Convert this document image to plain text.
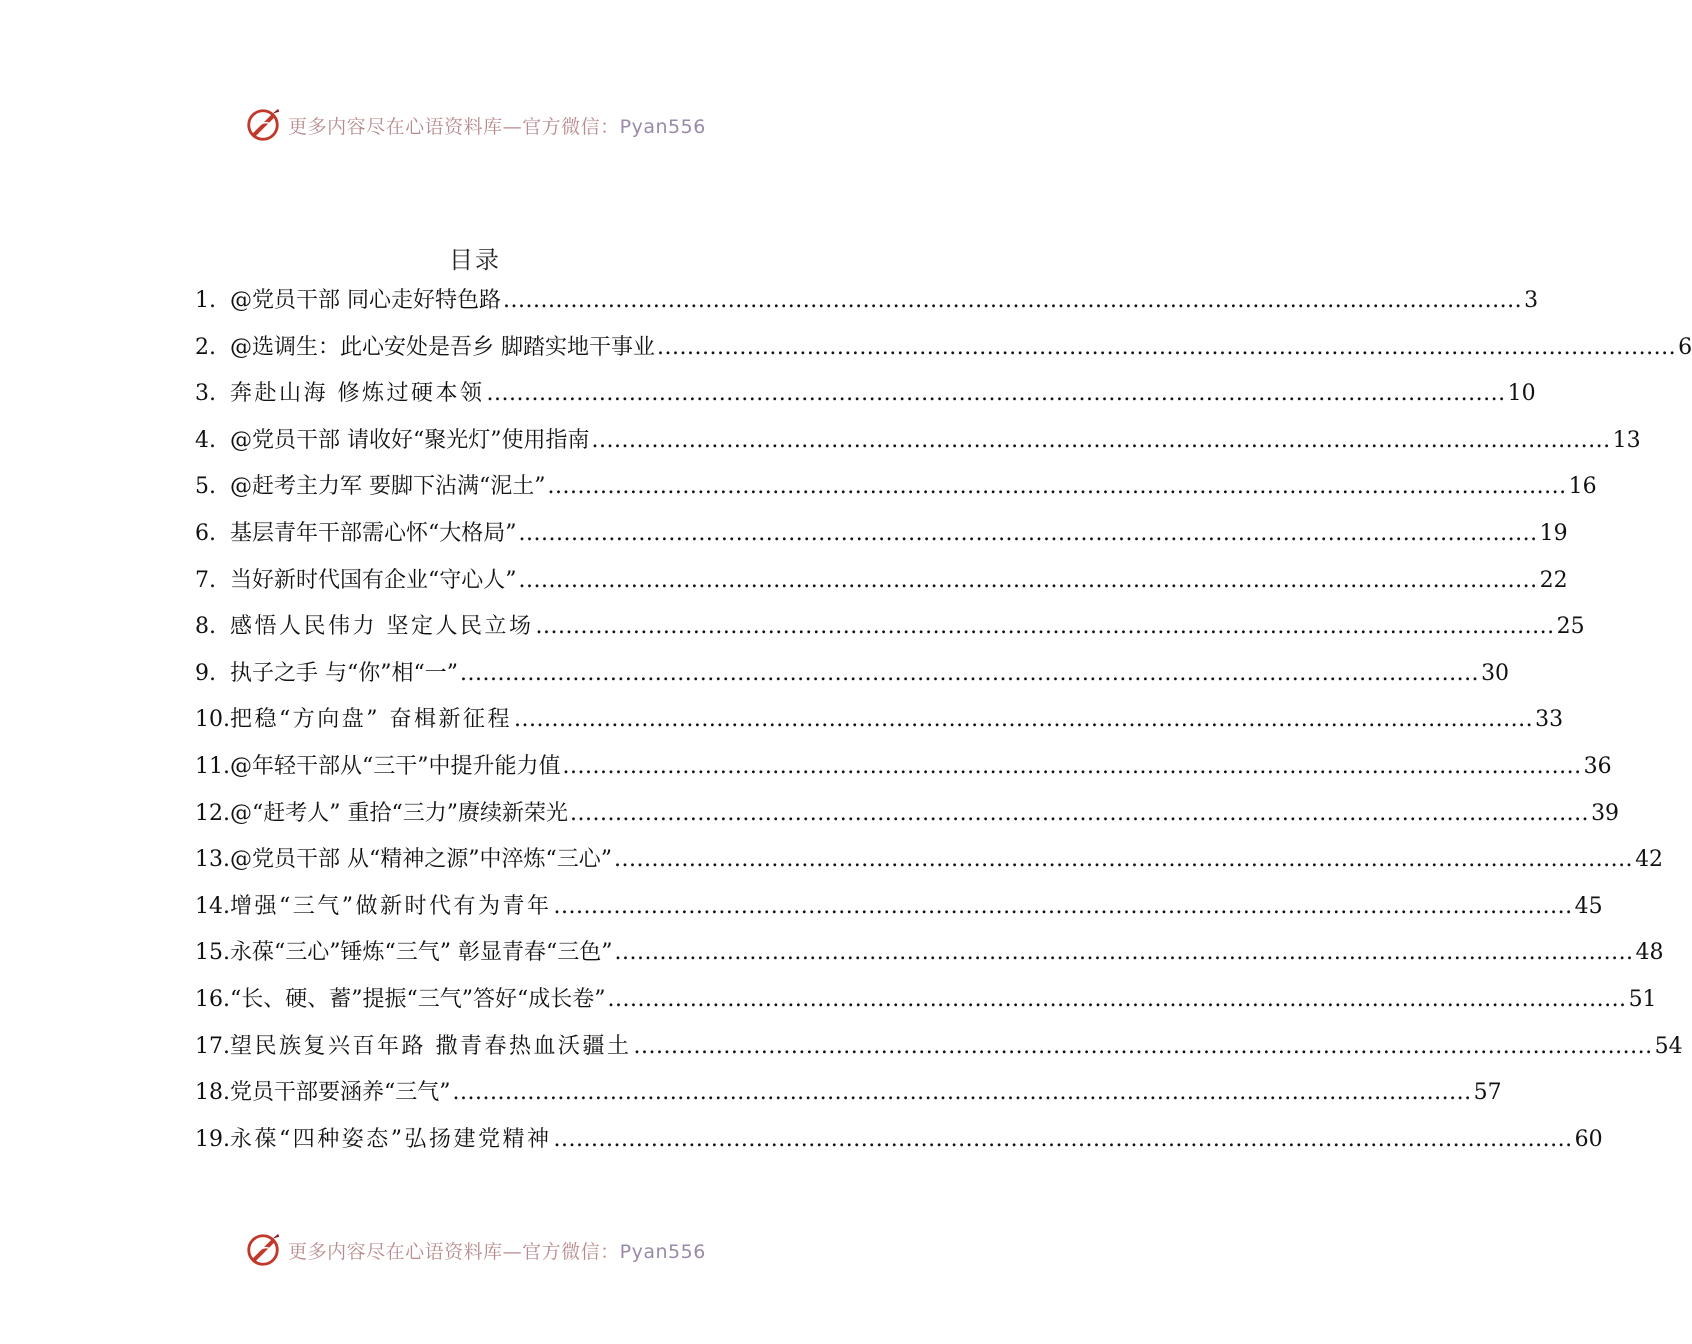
更多内容尽在心语资料库—官方微信：Pyan556
目录
1. @党员干部 同心走好特色路 .....	3
2. @选调生：此心安处是吾乡 脚踏实地干事业 .....	6
3. 奔赴山海 修炼过硬本领 .....	10
4. @党员干部 请收好“聚光灯”使用指南 .....	13
5. @赶考主力军 要脚下沾满“泥土” .....	16
6. 基层青年干部需心怀“大格局” .....	19
7. 当好新时代国有企业“守心人” .....	22
8. 感悟人民伟力 坚定人民立场 .....	25
9. 执子之手 与“你”相“一” .....	30
10. 把稳“方向盘” 奋楫新征程 .....	33
11. @年轻干部从“三干”中提升能力值 .....	36
12. @“赶考人” 重拾“三力”赓续新荣光 .....	39
13. @党员干部 从“精神之源”中淬炼“三心” .....	42
14. 增强“三气”做新时代有为青年 .....	45
15. 永葆“三心”锤炼“三气” 彰显青春“三色” .....	48
16. “长、硬、蓄”提振“三气”答好“成长卷” .....	51
17. 望民族复兴百年路 撒青春热血沃疆土 .....	54
18. 党员干部要涵养“三气” .....	57
19. 永葆“四种姿态”弘扬建党精神 .....	60
更多内容尽在心语资料库—官方微信：Pyan556
